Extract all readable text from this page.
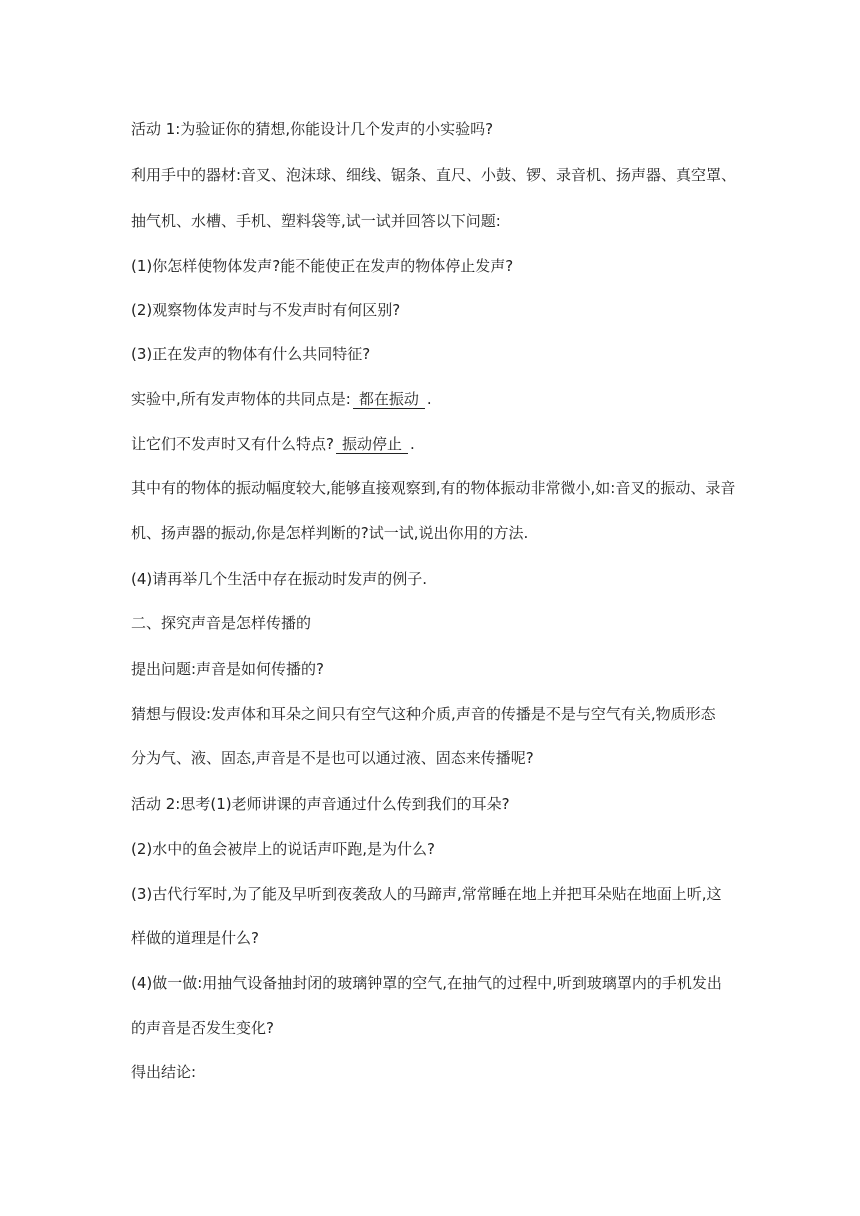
活动 1:为验证你的猜想,你能设计几个发声的小实验吗?
利用手中的器材:音叉、泡沫球、细线、锯条、直尺、小鼓、锣、录音机、扬声器、真空罩、
抽气机、水槽、手机、塑料袋等,试一试并回答以下问题:
(1)你怎样使物体发声?能不能使正在发声的物体停止发声?
(2)观察物体发声时与不发声时有何区别?
(3)正在发声的物体有什么共同特征?
实验中,所有发声物体的共同点是: 都在振动 .
让它们不发声时又有什么特点? 振动停止 .
其中有的物体的振动幅度较大,能够直接观察到,有的物体振动非常微小,如:音叉的振动、录音
机、扬声器的振动,你是怎样判断的?试一试,说出你用的方法.
(4)请再举几个生活中存在振动时发声的例子.
二、探究声音是怎样传播的
提出问题:声音是如何传播的?
猜想与假设:发声体和耳朵之间只有空气这种介质,声音的传播是不是与空气有关,物质形态
分为气、液、固态,声音是不是也可以通过液、固态来传播呢?
活动 2:思考(1)老师讲课的声音通过什么传到我们的耳朵?
(2)水中的鱼会被岸上的说话声吓跑,是为什么?
(3)古代行军时,为了能及早听到夜袭敌人的马蹄声,常常睡在地上并把耳朵贴在地面上听,这
样做的道理是什么?
(4)做一做:用抽气设备抽封闭的玻璃钟罩的空气,在抽气的过程中,听到玻璃罩内的手机发出
的声音是否发生变化?
得出结论:
